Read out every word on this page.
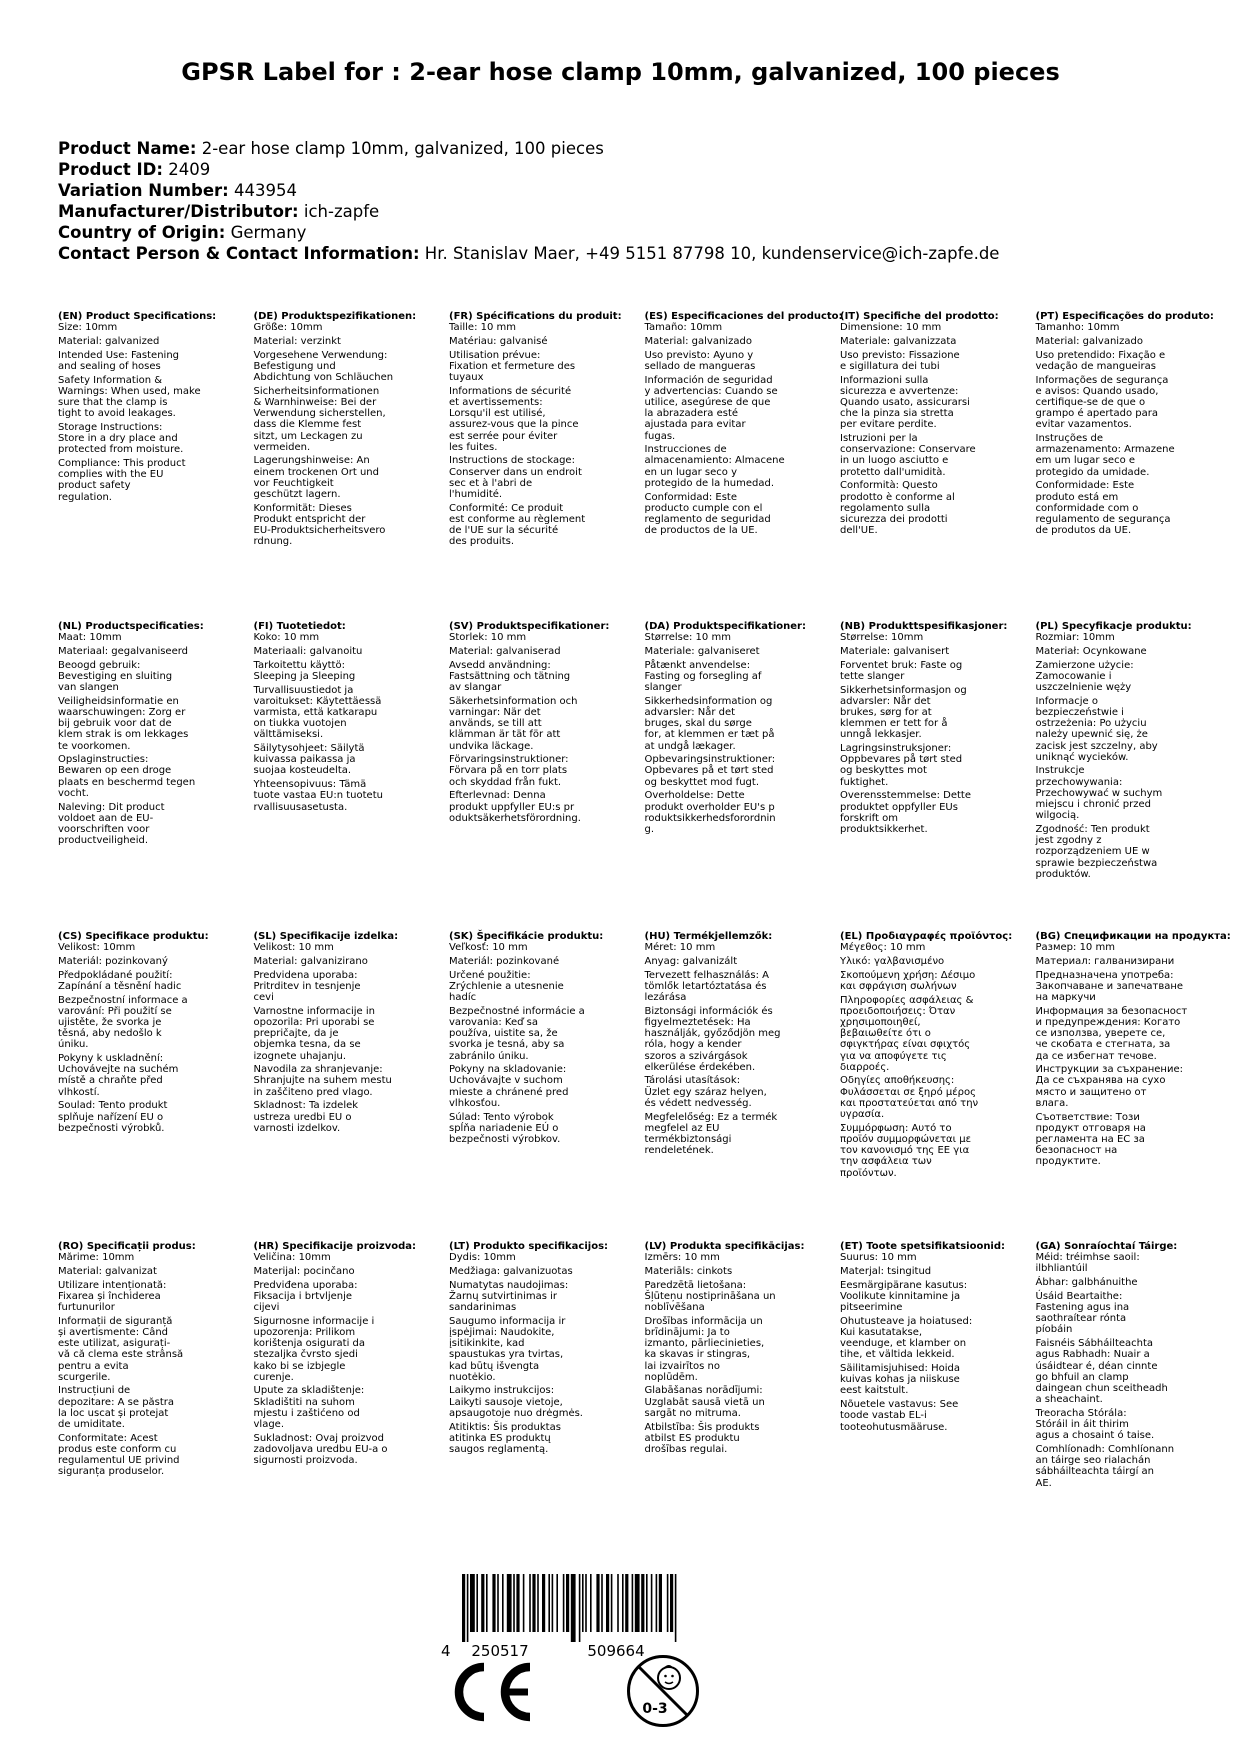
GPSR Label for : 2-ear hose clamp 10mm, galvanized, 100 pieces
Product Name: 2-ear hose clamp 10mm, galvanized, 100 pieces
Product ID: 2409
Variation Number: 443954
Manufacturer/Distributor: ich-zapfe
Country of Origin: Germany
Contact Person & Contact Information: Hr. Stanislav Maer, +49 5151 87798 10, kundenservice@ich-zapfe.de
(EN) Product Specifications:
Size: 10mm
Material: galvanized
Intended Use: Fastening
and sealing of hoses
Safety Information &
Warnings: When used, make
sure that the clamp is
tight to avoid leakages.
Storage Instructions:
Store in a dry place and
protected from moisture.
Compliance: This product
complies with the EU
product safety
regulation.
(DE) Produktspezifikationen:
Größe: 10mm
Material: verzinkt
Vorgesehene Verwendung:
Befestigung und
Abdichtung von Schläuchen
Sicherheitsinformationen
& Warnhinweise: Bei der
Verwendung sicherstellen,
dass die Klemme fest
sitzt, um Leckagen zu
vermeiden.
Lagerungshinweise: An
einem trockenen Ort und
vor Feuchtigkeit
geschützt lagern.
Konformität: Dieses
Produkt entspricht der
EU-Produktsicherheitsvero
rdnung.
(FR) Spécifications du produit:
Taille: 10 mm
Matériau: galvanisé
Utilisation prévue:
Fixation et fermeture des
tuyaux
Informations de sécurité
et avertissements:
Lorsqu'il est utilisé,
assurez-vous que la pince
est serrée pour éviter
les fuites.
Instructions de stockage:
Conserver dans un endroit
sec et à l'abri de
l'humidité.
Conformité: Ce produit
est conforme au règlement
de l'UE sur la sécurité
des produits.
(ES) Especificaciones del producto:
Tamaño: 10mm
Material: galvanizado
Uso previsto: Ayuno y
sellado de mangueras
Información de seguridad
y advertencias: Cuando se
utilice, asegúrese de que
la abrazadera esté
ajustada para evitar
fugas.
Instrucciones de
almacenamiento: Almacene
en un lugar seco y
protegido de la humedad.
Conformidad: Este
producto cumple con el
reglamento de seguridad
de productos de la UE.
(IT) Specifiche del prodotto:
Dimensione: 10 mm
Materiale: galvanizzata
Uso previsto: Fissazione
e sigillatura dei tubi
Informazioni sulla
sicurezza e avvertenze:
Quando usato, assicurarsi
che la pinza sia stretta
per evitare perdite.
Istruzioni per la
conservazione: Conservare
in un luogo asciutto e
protetto dall'umidità.
Conformità: Questo
prodotto è conforme al
regolamento sulla
sicurezza dei prodotti
dell'UE.
(PT) Especificações do produto:
Tamanho: 10mm
Material: galvanizado
Uso pretendido: Fixação e
vedação de mangueiras
Informações de segurança
e avisos: Quando usado,
certifique-se de que o
grampo é apertado para
evitar vazamentos.
Instruções de
armazenamento: Armazene
em um lugar seco e
protegido da umidade.
Conformidade: Este
produto está em
conformidade com o
regulamento de segurança
de produtos da UE.
(NL) Productspecificaties:
Maat: 10mm
Materiaal: gegalvaniseerd
Beoogd gebruik:
Bevestiging en sluiting
van slangen
Veiligheidsinformatie en
waarschuwingen: Zorg er
bij gebruik voor dat de
klem strak is om lekkages
te voorkomen.
Opslaginstructies:
Bewaren op een droge
plaats en beschermd tegen
vocht.
Naleving: Dit product
voldoet aan de EU-
voorschriften voor
productveiligheid.
(FI) Tuotetiedot:
Koko: 10 mm
Materiaali: galvanoitu
Tarkoitettu käyttö:
Sleeping ja Sleeping
Turvallisuustiedot ja
varoitukset: Käytettäessä
varmista, että katkarapu
on tiukka vuotojen
välttämiseksi.
Säilytysohjeet: Säilytä
kuivassa paikassa ja
suojaa kosteudelta.
Yhteensopivuus: Tämä
tuote vastaa EU:n tuotetu
rvallisuusasetusta.
(SV) Produktspecifikationer:
Storlek: 10 mm
Material: galvaniserad
Avsedd användning:
Fastsättning och tätning
av slangar
Säkerhetsinformation och
varningar: När det
används, se till att
klämman är tät för att
undvika läckage.
Förvaringsinstruktioner:
Förvara på en torr plats
och skyddad från fukt.
Efterlevnad: Denna
produkt uppfyller EU:s pr
oduktsäkerhetsförordning.
(DA) Produktspecifikationer:
Størrelse: 10 mm
Materiale: galvaniseret
Påtænkt anvendelse:
Fasting og forsegling af
slanger
Sikkerhedsinformation og
advarsler: Når det
bruges, skal du sørge
for, at klemmen er tæt på
at undgå lækager.
Opbevaringsinstruktioner:
Opbevares på et tørt sted
og beskyttet mod fugt.
Overholdelse: Dette
produkt overholder EU's p
roduktsikkerhedsforordnin
g.
(NB) Produkttspesifikasjoner:
Størrelse: 10mm
Materiale: galvanisert
Forventet bruk: Faste og
tette slanger
Sikkerhetsinformasjon og
advarsler: Når det
brukes, sørg for at
klemmen er tett for å
unngå lekkasjer.
Lagringsinstruksjoner:
Oppbevares på tørt sted
og beskyttes mot
fuktighet.
Overensstemmelse: Dette
produktet oppfyller EUs
forskrift om
produktsikkerhet.
(PL) Specyfikacje produktu:
Rozmiar: 10mm
Materiał: Ocynkowane
Zamierzone użycie:
Zamocowanie i
uszczelnienie węży
Informacje o
bezpieczeństwie i
ostrzeżenia: Po użyciu
należy upewnić się, że
zacisk jest szczelny, aby
uniknąć wycieków.
Instrukcje
przechowywania:
Przechowywać w suchym
miejscu i chronić przed
wilgocią.
Zgodność: Ten produkt
jest zgodny z
rozporządzeniem UE w
sprawie bezpieczeństwa
produktów.
(CS) Specifikace produktu:
Velikost: 10mm
Materiál: pozinkovaný
Předpokládané použití:
Zapínání a těsnění hadic
Bezpečnostní informace a
varování: Při použití se
ujistěte, že svorka je
těsná, aby nedošlo k
úniku.
Pokyny k uskladnění:
Uchovávejte na suchém
místě a chraňte před
vlhkostí.
Soulad: Tento produkt
splňuje nařízení EU o
bezpečnosti výrobků.
(SL) Specifikacije izdelka:
Velikost: 10 mm
Material: galvanizirano
Predvidena uporaba:
Pritrditev in tesnjenje
cevi
Varnostne informacije in
opozorila: Pri uporabi se
prepričajte, da je
objemka tesna, da se
izognete uhajanju.
Navodila za shranjevanje:
Shranjujte na suhem mestu
in zaščiteno pred vlago.
Skladnost: Ta izdelek
ustreza uredbi EU o
varnosti izdelkov.
(SK) Špecifikácie produktu:
Veľkosť: 10 mm
Materiál: pozinkované
Určené použitie:
Zrýchlenie a utesnenie
hadíc
Bezpečnostné informácie a
varovania: Keď sa
používa, uistite sa, že
svorka je tesná, aby sa
zabránilo úniku.
Pokyny na skladovanie:
Uchovávajte v suchom
mieste a chránené pred
vlhkosťou.
Súlad: Tento výrobok
spĺňa nariadenie EÚ o
bezpečnosti výrobkov.
(HU) Termékjellemzők:
Méret: 10 mm
Anyag: galvanizált
Tervezett felhasználás: A
tömlők letartóztatása és
lezárása
Biztonsági információk és
figyelmeztetések: Ha
használják, győződjön meg
róla, hogy a kender
szoros a szivárgások
elkerülése érdekében.
Tárolási utasítások:
Üzlet egy száraz helyen,
és védett nedvesség.
Megfelelőség: Ez a termék
megfelel az EU
termékbiztonsági
rendeletének.
(EL) Προδιαγραφές προϊόντος:
Μέγεθος: 10 mm
Υλικό: γαλβανισμένο
Σκοπούμενη χρήση: Δέσιμο
και σφράγιση σωλήνων
Πληροφορίες ασφάλειας &
προειδοποιήσεις: Όταν
χρησιμοποιηθεί,
βεβαιωθείτε ότι ο
σφιγκτήρας είναι σφιχτός
για να αποφύγετε τις
διαρροές.
Οδηγίες αποθήκευσης:
Φυλάσσεται σε ξηρό μέρος
και προστατεύεται από την
υγρασία.
Συμμόρφωση: Αυτό το
προϊόν συμμορφώνεται με
τον κανονισμό της ΕΕ για
την ασφάλεια των
προϊόντων.
(BG) Спецификации на продукта:
Размер: 10 mm
Материал: галванизирани
Предназначена употреба:
Закопчаване и запечатване
на маркучи
Информация за безопасност
и предупреждения: Когато
се използва, уверете се,
че скобата е стегната, за
да се избегнат течове.
Инструкции за съхранение:
Да се съхранява на сухо
място и защитено от
влага.
Съответствие: Този
продукт отговаря на
регламента на ЕС за
безопасност на
продуктите.
(RO) Specificații produs:
Mărime: 10mm
Material: galvanizat
Utilizare intenționată:
Fixarea și închiderea
furtunurilor
Informații de siguranță
și avertismente: Când
este utilizat, asigurați-
vă că clema este strânsă
pentru a evita
scurgerile.
Instrucțiuni de
depozitare: A se păstra
la loc uscat și protejat
de umiditate.
Conformitate: Acest
produs este conform cu
regulamentul UE privind
siguranța produselor.
(HR) Specifikacije proizvoda:
Veličina: 10mm
Materijal: pocinčano
Predviđena uporaba:
Fiksacija i brtvljenje
cijevi
Sigurnosne informacije i
upozorenja: Prilikom
korištenja osigurati da
stezaljka čvrsto sjedi
kako bi se izbjegle
curenje.
Upute za skladištenje:
Skladištiti na suhom
mjestu i zaštićeno od
vlage.
Sukladnost: Ovaj proizvod
zadovoljava uredbu EU-a o
sigurnosti proizvoda.
(LT) Produkto specifikacijos:
Dydis: 10mm
Medžiaga: galvanizuotas
Numatytas naudojimas:
Žarnų sutvirtinimas ir
sandarinimas
Saugumo informacija ir
įspėjimai: Naudokite,
įsitikinkite, kad
spaustukas yra tvirtas,
kad būtų išvengta
nuotėkio.
Laikymo instrukcijos:
Laikyti sausoje vietoje,
apsaugotoje nuo drėgmės.
Atitiktis: Šis produktas
atitinka ES produktų
saugos reglamentą.
(LV) Produkta specifikācijas:
Izmērs: 10 mm
Materiāls: cinkots
Paredzētā lietošana:
Šļūteņu nostiprināšana un
noblīvēšana
Drošības informācija un
brīdinājumi: Ja to
izmanto, pārliecinieties,
ka skavas ir stingras,
lai izvairītos no
noplūdēm.
Glabāšanas norādījumi:
Uzglabāt sausā vietā un
sargāt no mitruma.
Atbilstība: Šis produkts
atbilst ES produktu
drošības regulai.
(ET) Toote spetsifikatsioonid:
Suurus: 10 mm
Materjal: tsingitud
Eesmärgipärane kasutus:
Voolikute kinnitamine ja
pitseerimine
Ohutusteave ja hoiatused:
Kui kasutatakse,
veenduge, et klamber on
tihe, et vältida lekkeid.
Säilitamisjuhised: Hoida
kuivas kohas ja niiskuse
eest kaitstult.
Nõuetele vastavus: See
toode vastab EL-i
tooteohutusmääruse.
(GA) Sonraíochtaí Táirge:
Méid: tréimhse saoil:
ilbhliantúil
Ábhar: galbhánuithe
Úsáid Beartaithe:
Fastening agus ina
saothraítear rónta
píobáin
Faisnéis Sábháilteachta
agus Rabhadh: Nuair a
úsáidtear é, déan cinnte
go bhfuil an clamp
daingean chun sceitheadh
a sheachaint.
Treoracha Stórála:
Stóráil in áit thirim
agus a chosaint ó taise.
Comhlíonadh: Comhlíonann
an táirge seo rialachán
sábháilteachta táirgí an
AE.
4 250517	509664
0-3
